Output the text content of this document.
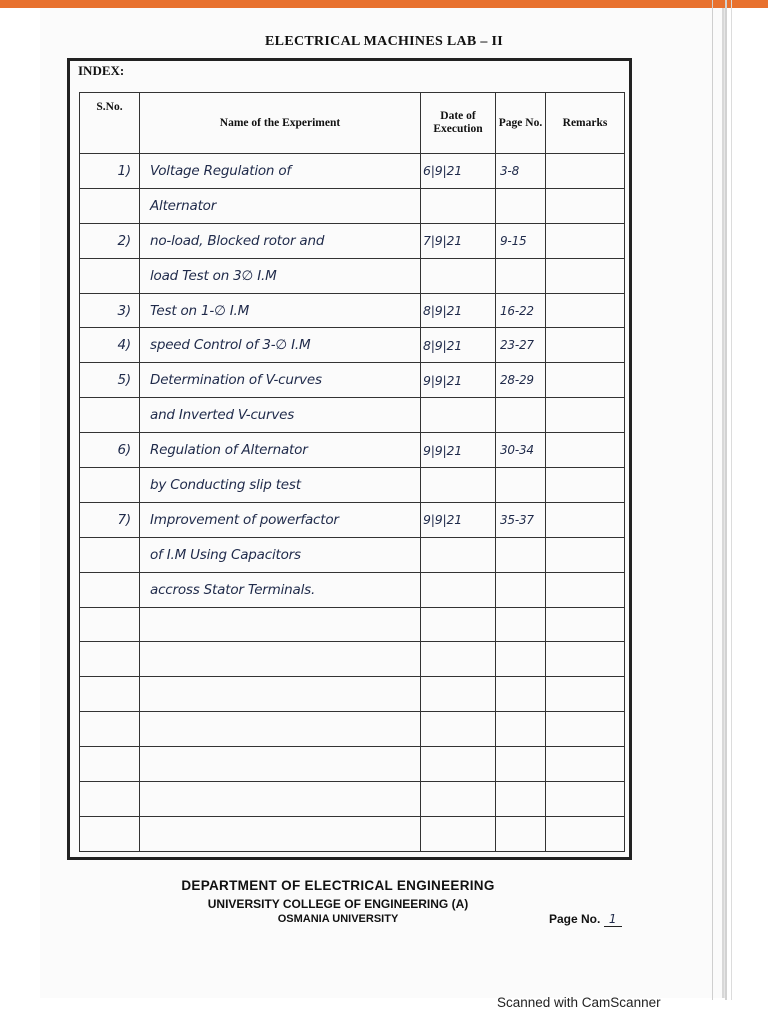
ELECTRICAL MACHINES LAB – II
INDEX:
S.No.	Name of the Experiment	Date of Execution	Page No.	Remarks
1)	Voltage Regulation of	6|9|21	3-8	
	Alternator			
2)	no-load, Blocked rotor and	7|9|21	9-15	
	load Test on 3∅ I.M			
3)	Test on 1-∅ I.M	8|9|21	16-22	
4)	speed Control of 3-∅ I.M	8|9|21	23-27	
5)	Determination of V-curves	9|9|21	28-29	
	and Inverted V-curves			
6)	Regulation of Alternator	9|9|21	30-34	
	by Conducting slip test			
7)	Improvement of powerfactor	9|9|21	35-37	
	of I.M Using Capacitors			
	accross Stator Terminals.			

DEPARTMENT OF ELECTRICAL ENGINEERING
UNIVERSITY COLLEGE OF ENGINEERING (A)
OSMANIA UNIVERSITY	Page No. 1
Scanned with CamScanner
